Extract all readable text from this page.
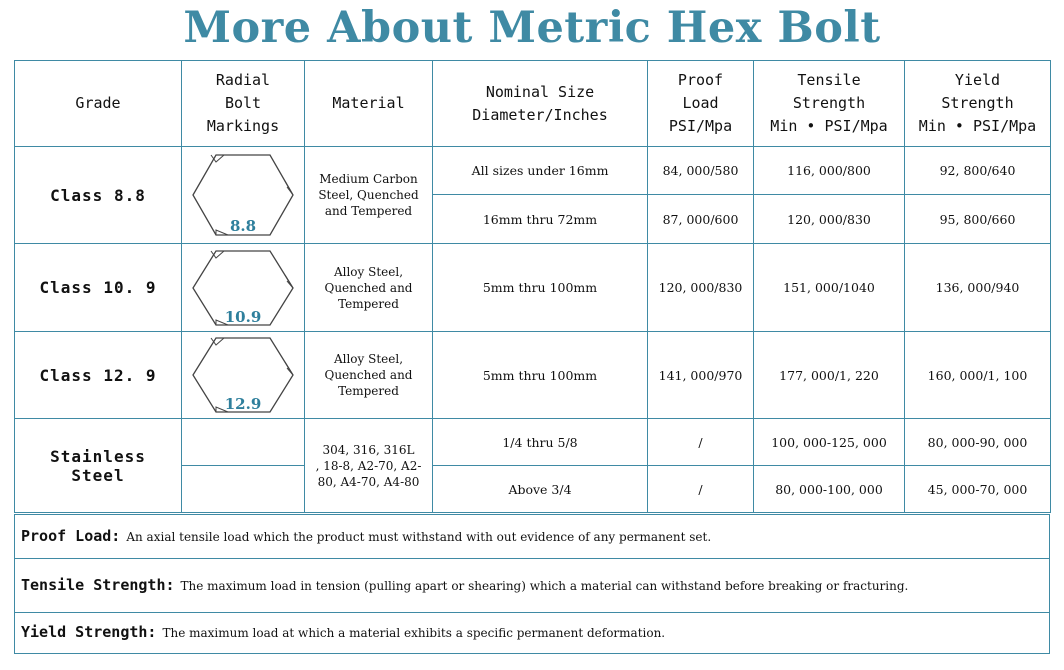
More About Metric Hex Bolt
Grade	Radial
Bolt
Markings	Material	Nominal Size
Diameter/Inches	Proof
Load
PSI/Mpa	Tensile
Strength
Min • PSI/Mpa	Yield
Strength
Min • PSI/Mpa
Class 8.8	8.8	Medium Carbon
Steel, Quenched
and Tempered	All sizes under 16mm	84, 000/580	116, 000/800	92, 800/640
			16mm thru 72mm	87, 000/600	120, 000/830	95, 800/660
Class 10. 9	10.9	Alloy Steel,
Quenched and
Tempered	5mm thru 100mm	120, 000/830	151, 000/1040	136, 000/940
Class 12. 9	12.9	Alloy Steel,
Quenched and
Tempered	5mm thru 100mm	141, 000/970	177, 000/1, 220	160, 000/1, 100
Stainless
Steel		304, 316, 316L
, 18-8, A2-70, A2-
80, A4-70, A4-80	1/4 thru 5/8	/	100, 000-125, 000	80, 000-90, 000
			Above 3/4	/	80, 000-100, 000	45, 000-70, 000
Proof Load: An axial tensile load which the product must withstand with out evidence of any permanent set.
Tensile Strength: The maximum load in tension (pulling apart or shearing) which a material can withstand before breaking or fracturing.
Yield Strength: The maximum load at which a material exhibits a specific permanent deformation.
